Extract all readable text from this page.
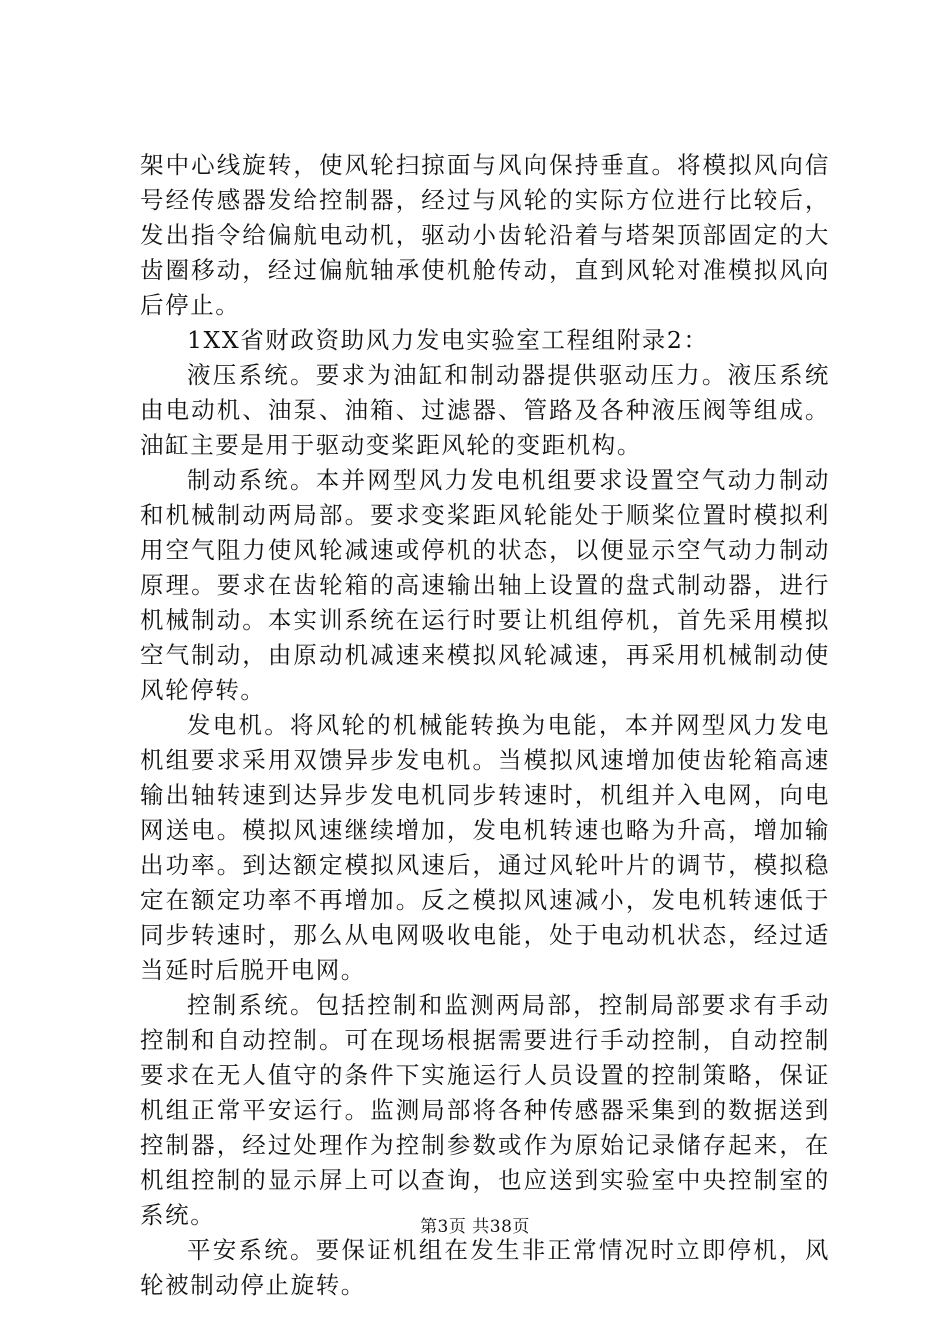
架中心线旋转，使风轮扫掠面与风向保持垂直。将模拟风向信号经传感器发给控制器，经过与风轮的实际方位进行比较后，发出指令给偏航电动机，驱动小齿轮沿着与塔架顶部固定的大齿圈移动，经过偏航轴承使机舱传动，直到风轮对准模拟风向后停止。

1XX省财政资助风力发电实验室工程组附录2：

液压系统。要求为油缸和制动器提供驱动压力。液压系统由电动机、油泵、油箱、过滤器、管路及各种液压阀等组成。油缸主要是用于驱动变桨距风轮的变距机构。

制动系统。本并网型风力发电机组要求设置空气动力制动和机械制动两局部。要求变桨距风轮能处于顺桨位置时模拟利用空气阻力使风轮减速或停机的状态，以便显示空气动力制动原理。要求在齿轮箱的高速输出轴上设置的盘式制动器，进行机械制动。本实训系统在运行时要让机组停机，首先采用模拟空气制动，由原动机减速来模拟风轮减速，再采用机械制动使风轮停转。

发电机。将风轮的机械能转换为电能，本并网型风力发电机组要求采用双馈异步发电机。当模拟风速增加使齿轮箱高速输出轴转速到达异步发电机同步转速时，机组并入电网，向电网送电。模拟风速继续增加，发电机转速也略为升高，增加输出功率。到达额定模拟风速后，通过风轮叶片的调节，模拟稳定在额定功率不再增加。反之模拟风速减小，发电机转速低于同步转速时，那么从电网吸收电能，处于电动机状态，经过适当延时后脱开电网。

控制系统。包括控制和监测两局部，控制局部要求有手动控制和自动控制。可在现场根据需要进行手动控制，自动控制要求在无人值守的条件下实施运行人员设置的控制策略，保证机组正常平安运行。监测局部将各种传感器采集到的数据送到控制器，经过处理作为控制参数或作为原始记录储存起来，在机组控制的显示屏上可以查询，也应送到实验室中央控制室的系统。

平安系统。要保证机组在发生非正常情况时立即停机，风轮被制动停止旋转。

第3页 共38页
